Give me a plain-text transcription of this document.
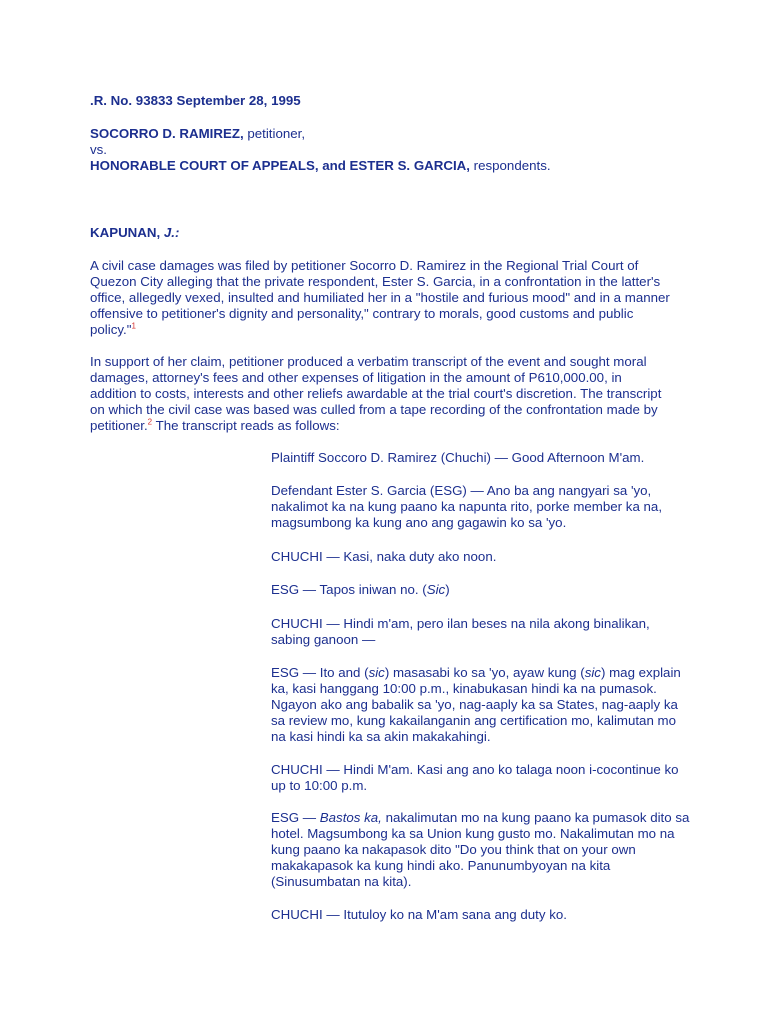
.R. No. 93833 September 28, 1995

SOCORRO D. RAMIREZ, petitioner,
vs.
HONORABLE COURT OF APPEALS, and ESTER S. GARCIA, respondents.

KAPUNAN, J.:

A civil case damages was filed by petitioner Socorro D. Ramirez in the Regional Trial Court of Quezon City alleging that the private respondent, Ester S. Garcia, in a confrontation in the latter's office, allegedly vexed, insulted and humiliated her in a "hostile and furious mood" and in a manner offensive to petitioner's dignity and personality," contrary to morals, good customs and public policy."$^1$

In support of her claim, petitioner produced a verbatim transcript of the event and sought moral damages, attorney's fees and other expenses of litigation in the amount of P610,000.00, in addition to costs, interests and other reliefs awardable at the trial court's discretion. The transcript on which the civil case was based was culled from a tape recording of the confrontation made by petitioner.$^2$ The transcript reads as follows:

Plaintiff Soccoro D. Ramirez (Chuchi) — Good Afternoon M'am.

Defendant Ester S. Garcia (ESG) — Ano ba ang nangyari sa 'yo, nakalimot ka na kung paano ka napunta rito, porke member ka na, magsumbong ka kung ano ang gagawin ko sa 'yo.

CHUCHI — Kasi, naka duty ako noon.

ESG — Tapos iniwan no. (Sic)

CHUCHI — Hindi m'am, pero ilan beses na nila akong binalikan, sabing ganoon —

ESG — Ito and (sic) masasabi ko sa 'yo, ayaw kung (sic) mag explain ka, kasi hanggang 10:00 p.m., kinabukasan hindi ka na pumasok. Ngayon ako ang babalik sa 'yo, nag-aaply ka sa States, nag-aaply ka sa review mo, kung kakailanganin ang certification mo, kalimutan mo na kasi hindi ka sa akin makakahingi.

CHUCHI — Hindi M'am. Kasi ang ano ko talaga noon i-cocontinue ko up to 10:00 p.m.

ESG — Bastos ka, nakalimutan mo na kung paano ka pumasok dito sa hotel. Magsumbong ka sa Union kung gusto mo. Nakalimutan mo na kung paano ka nakapasok dito "Do you think that on your own makakapasok ka kung hindi ako. Panunumbyoyan na kita (Sinusumbatan na kita).

CHUCHI — Itutuloy ko na M'am sana ang duty ko.
